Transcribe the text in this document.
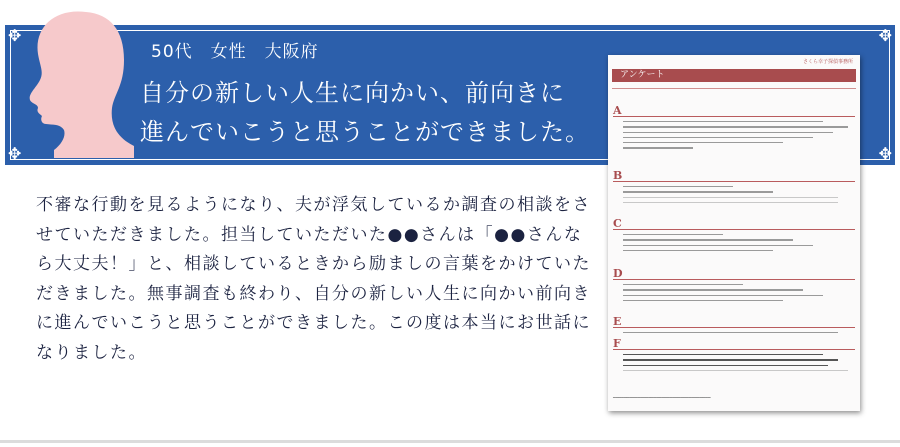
✥	✥
✥	✥
50代　女性　大阪府
自分の新しい人生に向かい、前向きに
進んでいこうと思うことができました。
不審な行動を見るようになり、夫が浮気しているか調査の相談をさ
せていただきました。担当していただいた●●さんは「●●さんな
ら大丈夫！」と、相談しているときから励ましの言葉をかけていた
だきました。無事調査も終わり、自分の新しい人生に向かい前向き
に進んでいこうと思うことができました。この度は本当にお世話に
なりました。
さくら幸子探偵事務所
アンケート
A
B
C
D
E
F
━━━━━━━━━━━━━━━━━━━━━━━━━━━━━━━━━━━━
